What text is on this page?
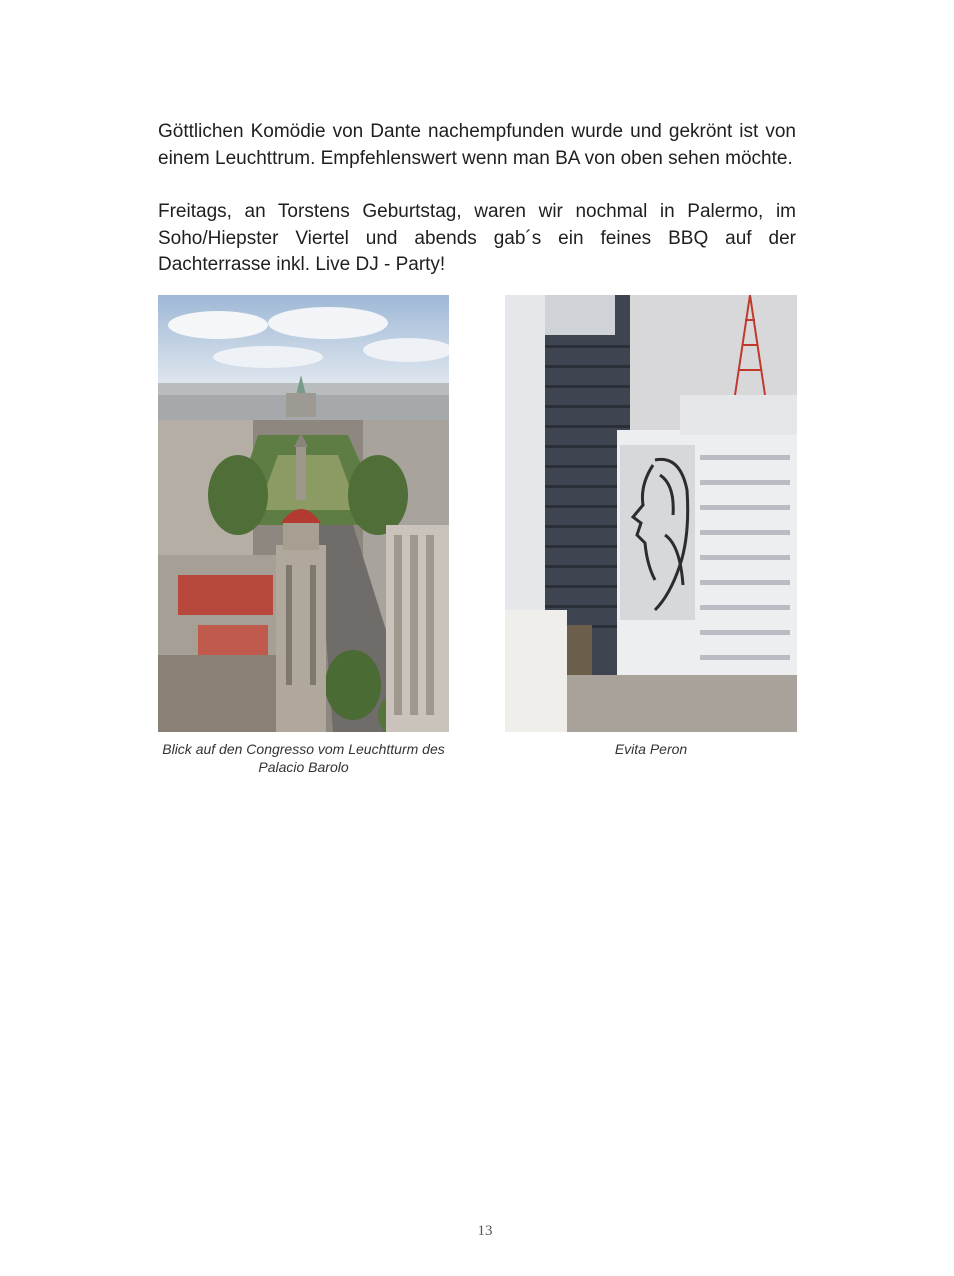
Göttlichen Komödie von Dante nachempfunden wurde und gekrönt ist von einem Leuchttrum. Empfehlenswert wenn man BA von oben sehen möchte.

Freitags, an Torstens Geburtstag, waren wir nochmal in Palermo, im Soho/Hiepster Viertel und abends gab´s ein feines BBQ auf der Dachterrasse inkl. Live DJ - Party!

Blick auf den Congresso vom Leuchtturm des Palacio Barolo
Evita Peron
13
